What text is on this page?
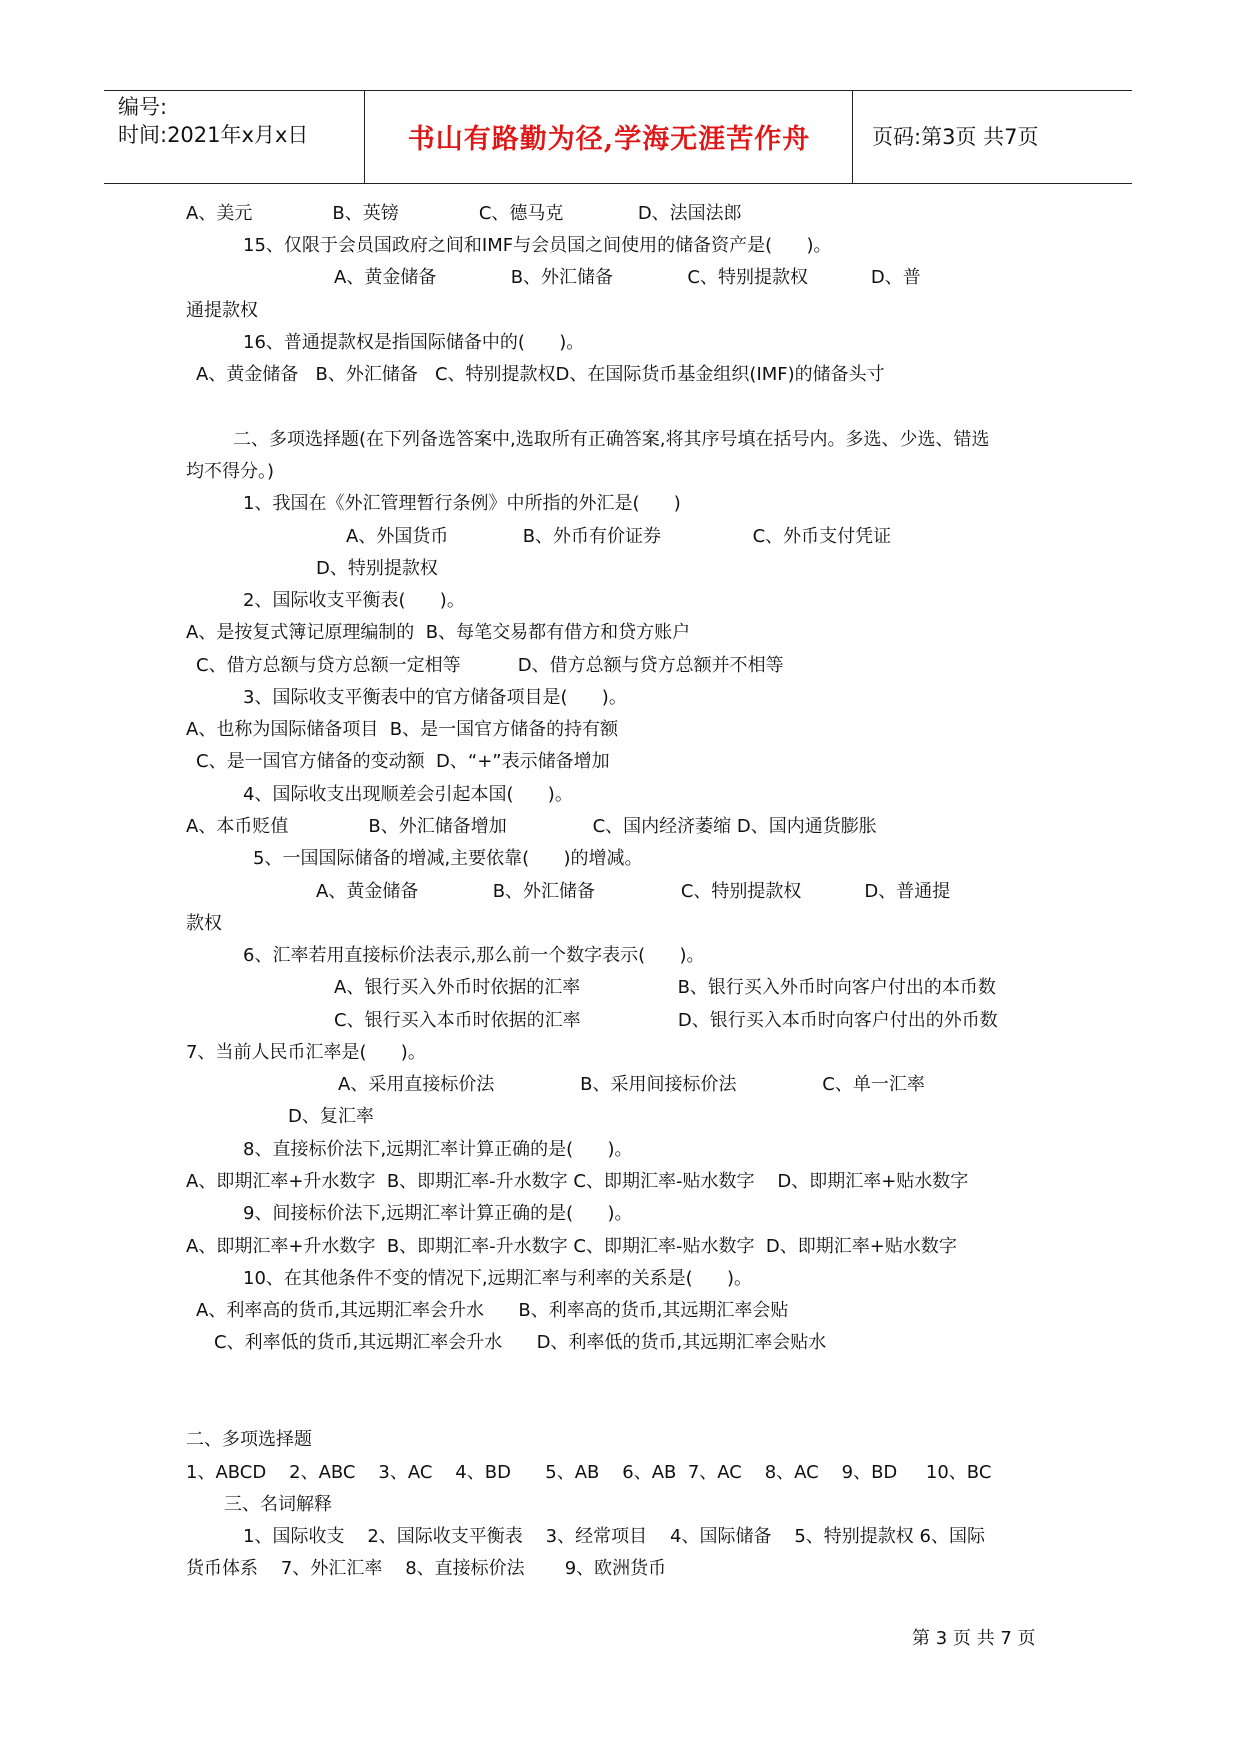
编号:
时间:2021年x月x日	书山有路勤为径,学海无涯苦作舟	页码:第3页 共7页
A、美元              B、英镑              C、德马克             D、法国法郎
15、仅限于会员国政府之间和IMF与会员国之间使用的储备资产是(      )。
A、黄金储备             B、外汇储备             C、特别提款权           D、普
通提款权
16、普通提款权是指国际储备中的(      )。
A、黄金储备   B、外汇储备   C、特别提款权D、在国际货币基金组织(IMF)的储备头寸
二、多项选择题(在下列备选答案中,选取所有正确答案,将其序号填在括号内。多选、少选、错选
均不得分。)
1、我国在《外汇管理暂行条例》中所指的外汇是(      )
A、外国货币             B、外币有价证券                C、外币支付凭证
D、特别提款权
2、国际收支平衡表(      )。
A、是按复式簿记原理编制的  B、每笔交易都有借方和贷方账户
C、借方总额与贷方总额一定相等          D、借方总额与贷方总额并不相等
3、国际收支平衡表中的官方储备项目是(      )。
A、也称为国际储备项目  B、是一国官方储备的持有额
C、是一国官方储备的变动额  D、“+”表示储备增加
4、国际收支出现顺差会引起本国(      )。
A、本币贬值              B、外汇储备增加               C、国内经济萎缩 D、国内通货膨胀
5、一国国际储备的增减,主要依靠(      )的增减。
A、黄金储备             B、外汇储备               C、特别提款权           D、普通提
款权
6、汇率若用直接标价法表示,那么前一个数字表示(      )。
A、银行买入外币时依据的汇率                 B、银行买入外币时向客户付出的本币数
C、银行买入本币时依据的汇率                 D、银行买入本币时向客户付出的外币数
7、当前人民币汇率是(      )。
A、采用直接标价法               B、采用间接标价法               C、单一汇率
D、复汇率
8、直接标价法下,远期汇率计算正确的是(      )。
A、即期汇率+升水数字  B、即期汇率-升水数字 C、即期汇率-贴水数字    D、即期汇率+贴水数字
9、间接标价法下,远期汇率计算正确的是(      )。
A、即期汇率+升水数字  B、即期汇率-升水数字 C、即期汇率-贴水数字  D、即期汇率+贴水数字
10、在其他条件不变的情况下,远期汇率与利率的关系是(      )。
A、利率高的货币,其远期汇率会升水      B、利率高的货币,其远期汇率会贴
C、利率低的货币,其远期汇率会升水      D、利率低的货币,其远期汇率会贴水
二、多项选择题
1、ABCD    2、ABC    3、AC    4、BD      5、AB    6、AB  7、AC    8、AC    9、BD     10、BC
三、名词解释
1、国际收支    2、国际收支平衡表    3、经常项目    4、国际储备    5、特别提款权 6、国际
货币体系    7、外汇汇率    8、直接标价法       9、欧洲货币
第 3 页 共 7 页
